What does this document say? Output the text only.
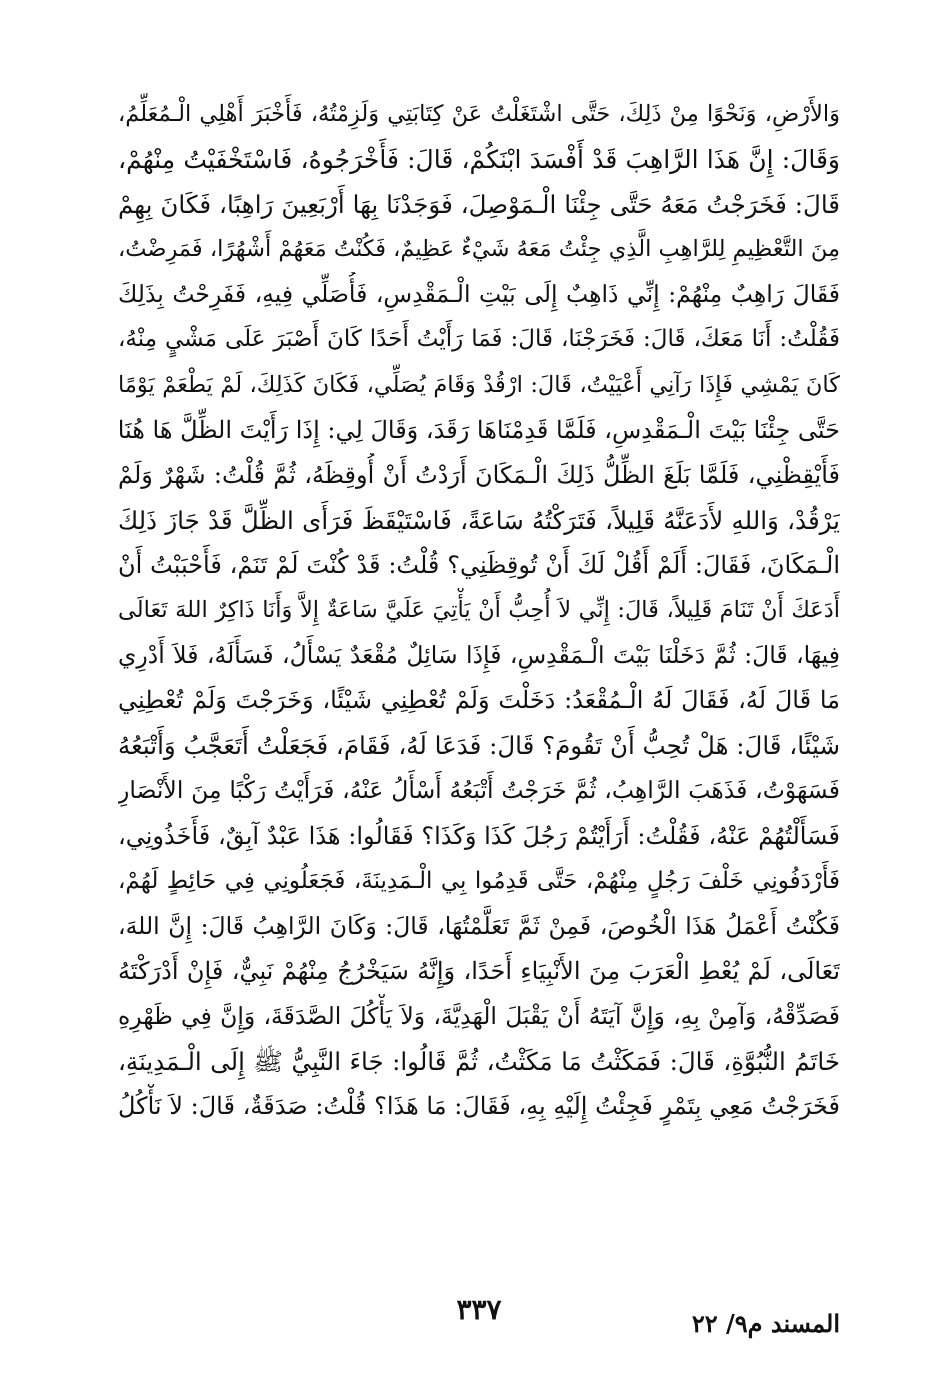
وَالأَرْضِ، وَنَحْوًا مِنْ ذَلِكَ، حَتَّى اشْتَغَلْتُ عَنْ كِتَابَتِي وَلَزِمْتُهُ، فَأَخْبَرَ أَهْلِي الْـمُعَلِّمُ،
وَقَالَ: إِنَّ هَذَا الرَّاهِبَ قَدْ أَفْسَدَ ابْنَكُمْ، قَالَ: فَأَخْرَجُوهُ، فَاسْتَخْفَيْتُ مِنْهُمْ،
قَالَ: فَخَرَجْتُ مَعَهُ حَتَّى جِئْنَا الْـمَوْصِلَ، فَوَجَدْنَا بِهَا أَرْبَعِينَ رَاهِبًا، فَكَانَ بِهِمْ
مِنَ التَّعْظِيمِ لِلرَّاهِبِ الَّذِي جِئْتُ مَعَهُ شَيْءٌ عَظِيمٌ، فَكُنْتُ مَعَهُمْ أَشْهُرًا، فَمَرِضْتُ،
فَقَالَ رَاهِبٌ مِنْهُمْ: إِنِّي ذَاهِبٌ إِلَى بَيْتِ الْـمَقْدِسِ، فَأُصَلِّي فِيهِ، فَفَرِحْتُ بِذَلِكَ
فَقُلْتُ: أَنَا مَعَكَ، قَالَ: فَخَرَجْنَا، قَالَ: فَمَا رَأَيْتُ أَحَدًا كَانَ أَصْبَرَ عَلَى مَشْيٍ مِنْهُ،
كَانَ يَمْشِي فَإِذَا رَآنِي أَعْيَيْتُ، قَالَ: ارْقُدْ وَقَامَ يُصَلِّي، فَكَانَ كَذَلِكَ، لَمْ يَطْعَمْ يَوْمًا
حَتَّى جِئْنَا بَيْتَ الْـمَقْدِسِ، فَلَمَّا قَدِمْنَاهَا رَقَدَ، وَقَالَ لِي: إِذَا رَأَيْتَ الظِّلَّ هَا هُنَا
فَأَيْقِظْنِي، فَلَمَّا بَلَغَ الظِّلُّ ذَلِكَ الْـمَكَانَ أَرَدْتُ أَنْ أُوقِظَهُ، ثُمَّ قُلْتُ: شَهْرٌ وَلَمْ
يَرْقُدْ، وَاللهِ لأَدَعَنَّهُ قَلِيلاً، فَتَرَكْتُهُ سَاعَةً، فَاسْتَيْقَظَ فَرَأَى الظِّلَّ قَدْ جَازَ ذَلِكَ
الْـمَكَانَ، فَقَالَ: أَلَمْ أَقُلْ لَكَ أَنْ تُوقِظَنِي؟ قُلْتُ: قَدْ كُنْتَ لَمْ تَنَمْ، فَأَحْبَبْتُ أَنْ
أَدَعَكَ أَنْ تَنَامَ قَلِيلاً، قَالَ: إِنِّي لاَ أُحِبُّ أَنْ يَأْتِيَ عَلَيَّ سَاعَةٌ إِلاَّ وَأَنَا ذَاكِرٌ اللهَ تَعَالَى
فِيهَا، قَالَ: ثُمَّ دَخَلْنَا بَيْتَ الْـمَقْدِسِ، فَإِذَا سَائِلٌ مُقْعَدٌ يَسْأَلُ، فَسَأَلَهُ، فَلاَ أَدْرِي
مَا قَالَ لَهُ، فَقَالَ لَهُ الْـمُقْعَدُ: دَخَلْتَ وَلَمْ تُعْطِنِي شَيْئًا، وَخَرَجْتَ وَلَمْ تُعْطِنِي
شَيْئًا، قَالَ: هَلْ تُحِبُّ أَنْ تَقُومَ؟ قَالَ: فَدَعَا لَهُ، فَقَامَ، فَجَعَلْتُ أَتَعَجَّبُ وَأَتْبَعُهُ
فَسَهَوْتُ، فَذَهَبَ الرَّاهِبُ، ثُمَّ خَرَجْتُ أَتْبَعُهُ أَسْأَلُ عَنْهُ، فَرَأَيْتُ رَكْبًا مِنَ الأَنْصَارِ
فَسَأَلْتُهُمْ عَنْهُ، فَقُلْتُ: أَرَأَيْتُمْ رَجُلَ كَذَا وَكَذَا؟ فَقَالُوا: هَذَا عَبْدٌ آبِقٌ، فَأَخَذُونِي،
فَأَرْدَفُونِي خَلْفَ رَجُلٍ مِنْهُمْ، حَتَّى قَدِمُوا بِي الْـمَدِينَةَ، فَجَعَلُونِي فِي حَائِطٍ لَهُمْ،
فَكُنْتُ أَعْمَلُ هَذَا الْخُوصَ، فَمِنْ ثَمَّ تَعَلَّمْتُهَا، قَالَ: وَكَانَ الرَّاهِبُ قَالَ: إِنَّ اللهَ،
تَعَالَى، لَمْ يُعْطِ الْعَرَبَ مِنَ الأَنْبِيَاءِ أَحَدًا، وَإِنَّهُ سَيَخْرُجُ مِنْهُمْ نَبِيٌّ، فَإِنْ أَدْرَكْتَهُ
فَصَدِّقْهُ، وَآمِنْ بِهِ، وَإِنَّ آيَتَهُ أَنْ يَقْبَلَ الْهَدِيَّةَ، وَلاَ يَأْكُلَ الصَّدَقَةَ، وَإِنَّ فِي ظَهْرِهِ
خَاتَمُ النُّبُوَّةِ، قَالَ: فَمَكَثْتُ مَا مَكَثْتُ، ثُمَّ قَالُوا: جَاءَ النَّبِيُّ ﷺ إِلَى الْـمَدِينَةِ،
فَخَرَجْتُ مَعِي بِتَمْرٍ فَجِئْتُ إِلَيْهِ بِهِ، فَقَالَ: مَا هَذَا؟ قُلْتُ: صَدَقَةٌ، قَالَ: لاَ نَأْكُلُ
٣٣٧	المسند م٩/ ٢٢
